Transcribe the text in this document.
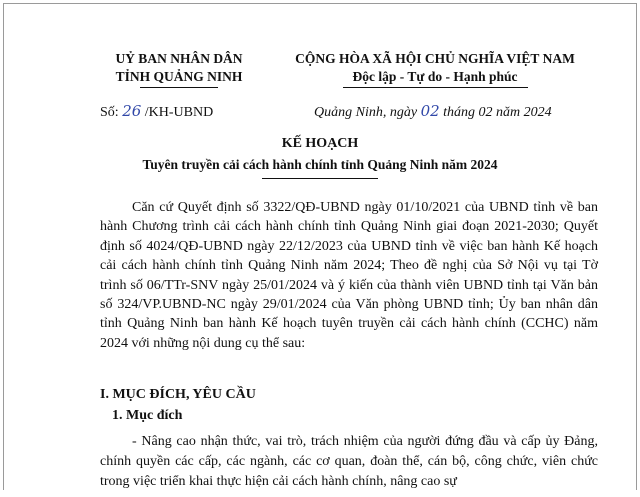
UỶ BAN NHÂN DÂN
TỈNH QUẢNG NINH
CỘNG HÒA XÃ HỘI CHỦ NGHĨA VIỆT NAM
Độc lập - Tự do - Hạnh phúc
Số: 26 /KH-UBND	Quảng Ninh, ngày 02 tháng 02 năm 2024
KẾ HOẠCH
Tuyên truyền cải cách hành chính tỉnh Quảng Ninh năm 2024

Căn cứ Quyết định số 3322/QĐ-UBND ngày 01/10/2021 của UBND tỉnh về ban hành Chương trình cải cách hành chính tỉnh Quảng Ninh giai đoạn 2021-2030; Quyết định số 4024/QĐ-UBND ngày 22/12/2023 của UBND tỉnh về việc ban hành Kế hoạch cải cách hành chính tỉnh Quảng Ninh năm 2024; Theo đề nghị của Sở Nội vụ tại Tờ trình số 06/TTr-SNV ngày 25/01/2024 và ý kiến của thành viên UBND tỉnh tại Văn bản số 324/VP.UBND-NC ngày 29/01/2024 của Văn phòng UBND tỉnh; Ủy ban nhân dân tỉnh Quảng Ninh ban hành Kế hoạch tuyên truyền cải cách hành chính (CCHC) năm 2024 với những nội dung cụ thể sau:

I. MỤC ĐÍCH, YÊU CẦU
1. Mục đích

- Nâng cao nhận thức, vai trò, trách nhiệm của người đứng đầu và cấp ủy Đảng, chính quyền các cấp, các ngành, các cơ quan, đoàn thể, cán bộ, công chức, viên chức trong việc triển khai thực hiện cải cách hành chính, nâng cao sự
